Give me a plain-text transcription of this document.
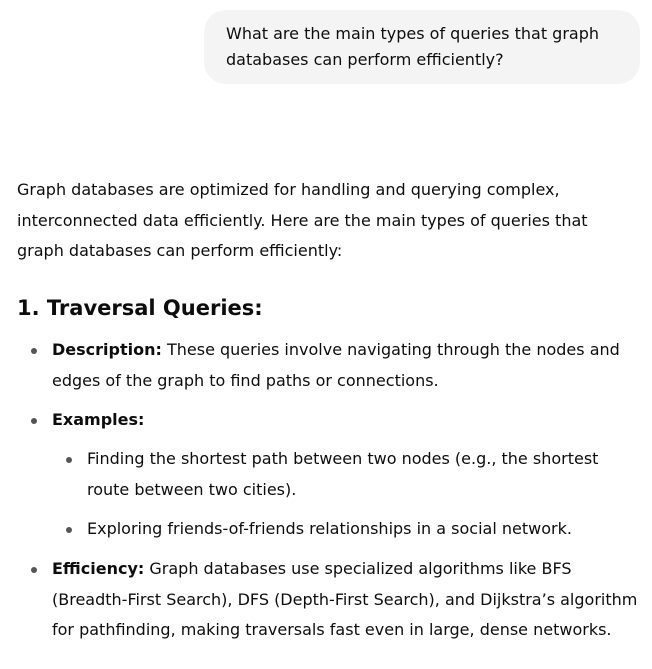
What are the main types of queries that graph databases can perform efficiently?

Graph databases are optimized for handling and querying complex, interconnected data efficiently. Here are the main types of queries that graph databases can perform efficiently:

1. Traversal Queries:
Description: These queries involve navigating through the nodes and edges of the graph to find paths or connections.
Examples:
Finding the shortest path between two nodes (e.g., the shortest route between two cities).
Exploring friends-of-friends relationships in a social network.
Efficiency: Graph databases use specialized algorithms like BFS (Breadth-First Search), DFS (Depth-First Search), and Dijkstra’s algorithm for pathfinding, making traversals fast even in large, dense networks.
